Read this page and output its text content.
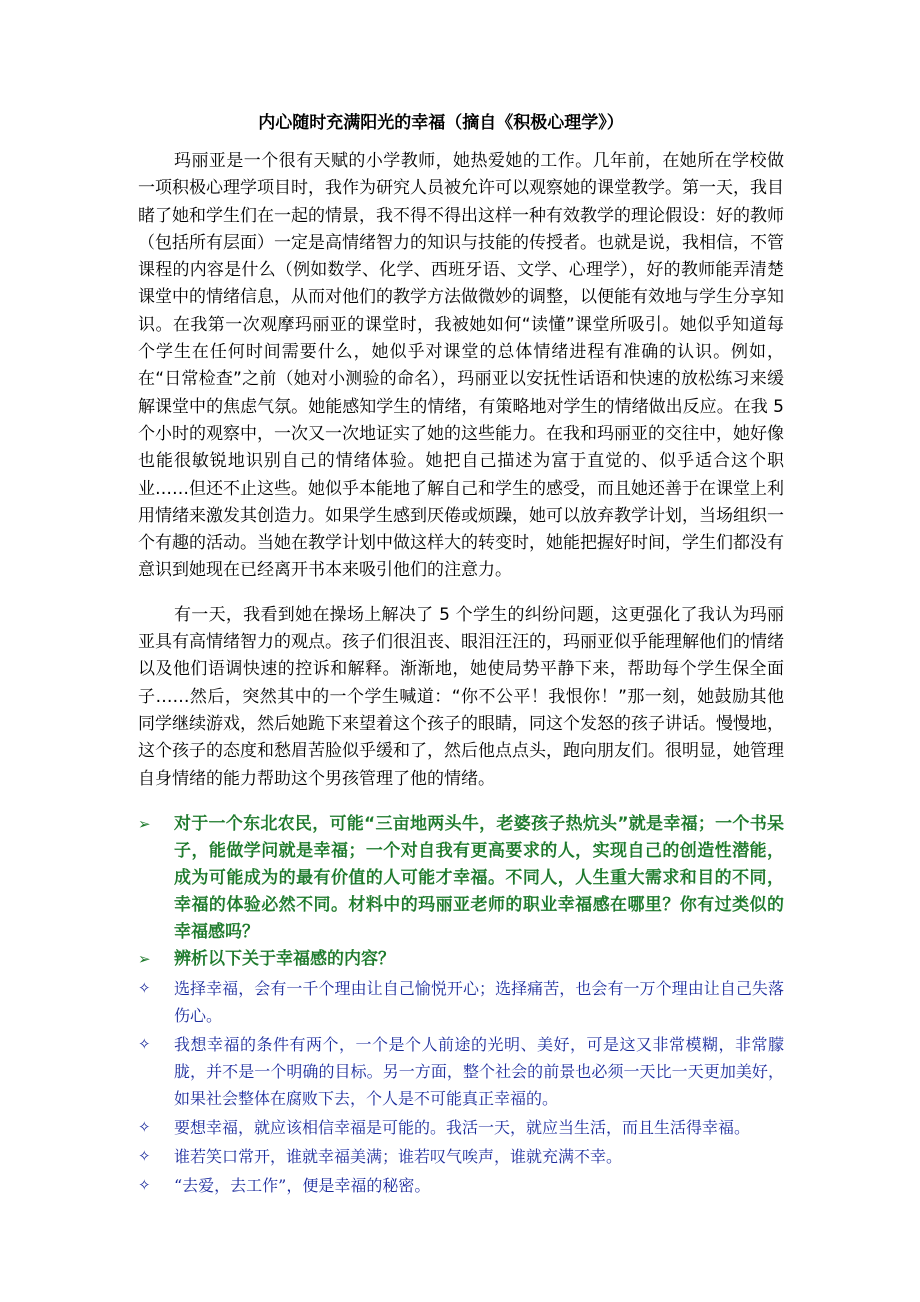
内心随时充满阳光的幸福（摘自《积极心理学》）

玛丽亚是一个很有天赋的小学教师，她热爱她的工作。几年前，在她所在学校做一项积极心理学项目时，我作为研究人员被允许可以观察她的课堂教学。第一天，我目睹了她和学生们在一起的情景，我不得不得出这样一种有效教学的理论假设：好的教师（包括所有层面）一定是高情绪智力的知识与技能的传授者。也就是说，我相信，不管课程的内容是什么（例如数学、化学、西班牙语、文学、心理学），好的教师能弄清楚课堂中的情绪信息，从而对他们的教学方法做微妙的调整，以便能有效地与学生分享知识。在我第一次观摩玛丽亚的课堂时，我被她如何“读懂”课堂所吸引。她似乎知道每个学生在任何时间需要什么，她似乎对课堂的总体情绪进程有准确的认识。例如，在“日常检查”之前（她对小测验的命名），玛丽亚以安抚性话语和快速的放松练习来缓解课堂中的焦虑气氛。她能感知学生的情绪，有策略地对学生的情绪做出反应。在我 5 个小时的观察中，一次又一次地证实了她的这些能力。在我和玛丽亚的交往中，她好像也能很敏锐地识别自己的情绪体验。她把自己描述为富于直觉的、似乎适合这个职业……但还不止这些。她似乎本能地了解自己和学生的感受，而且她还善于在课堂上利用情绪来激发其创造力。如果学生感到厌倦或烦躁，她可以放弃教学计划，当场组织一个有趣的活动。当她在教学计划中做这样大的转变时，她能把握好时间，学生们都没有意识到她现在已经离开书本来吸引他们的注意力。

有一天，我看到她在操场上解决了 5 个学生的纠纷问题，这更强化了我认为玛丽亚具有高情绪智力的观点。孩子们很沮丧、眼泪汪汪的，玛丽亚似乎能理解他们的情绪以及他们语调快速的控诉和解释。渐渐地，她使局势平静下来，帮助每个学生保全面子……然后，突然其中的一个学生喊道：“你不公平！我恨你！”那一刻，她鼓励其他同学继续游戏，然后她跪下来望着这个孩子的眼睛，同这个发怒的孩子讲话。慢慢地，这个孩子的态度和愁眉苦脸似乎缓和了，然后他点点头，跑向朋友们。很明显，她管理自身情绪的能力帮助这个男孩管理了他的情绪。

➢	对于一个东北农民，可能“三亩地两头牛，老婆孩子热炕头”就是幸福；一个书呆子，能做学问就是幸福；一个对自我有更高要求的人，实现自己的创造性潜能，成为可能成为的最有价值的人可能才幸福。不同人，人生重大需求和目的不同，幸福的体验必然不同。材料中的玛丽亚老师的职业幸福感在哪里？你有过类似的幸福感吗？
➢	辨析以下关于幸福感的内容？
✧	选择幸福，会有一千个理由让自己愉悦开心；选择痛苦，也会有一万个理由让自己失落伤心。
✧	我想幸福的条件有两个，一个是个人前途的光明、美好，可是这又非常模糊，非常朦胧，并不是一个明确的目标。另一方面，整个社会的前景也必须一天比一天更加美好，如果社会整体在腐败下去，个人是不可能真正幸福的。
✧	要想幸福，就应该相信幸福是可能的。我活一天，就应当生活，而且生活得幸福。
✧	谁若笑口常开，谁就幸福美满；谁若叹气唉声，谁就充满不幸。
✧	“去爱，去工作”，便是幸福的秘密。
